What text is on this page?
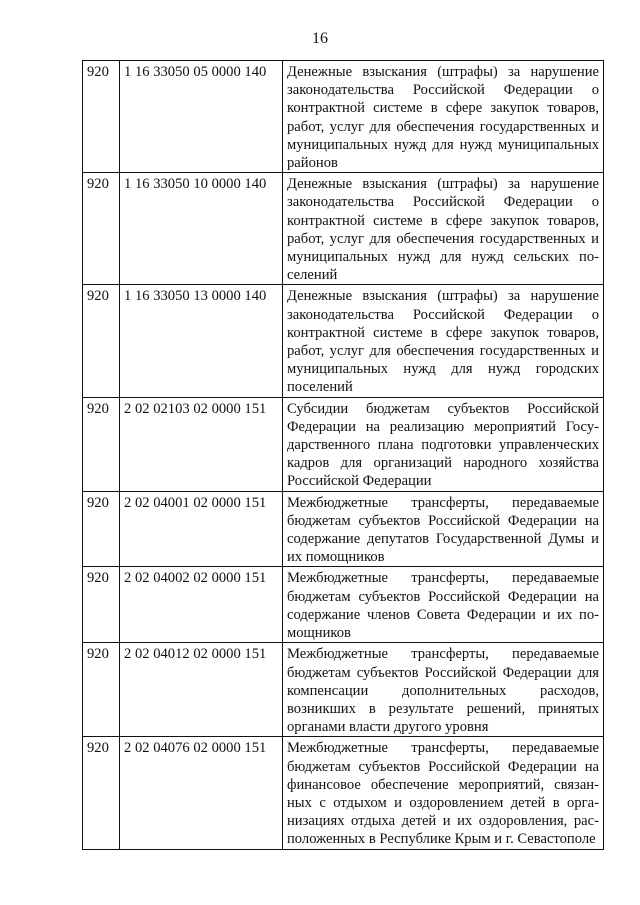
16
920	1 16 33050 05 0000 140	Денежные взыскания (штрафы) за нарушение законодательства Российской Федерации о контрактной системе в сфере закупок товаров, работ, услуг для обеспечения государственных и муниципальных нужд для нужд муниципальных районов
920	1 16 33050 10 0000 140	Денежные взыскания (штрафы) за нарушение законодательства Российской Федерации о контрактной системе в сфере закупок товаров, работ, услуг для обеспечения государственных и муниципальных нужд для нужд сельских поселений
920	1 16 33050 13 0000 140	Денежные взыскания (штрафы) за нарушение законодательства Российской Федерации о контрактной системе в сфере закупок товаров, работ, услуг для обеспечения государственных и муниципальных нужд для нужд городских поселений
920	2 02 02103 02 0000 151	Субсидии бюджетам субъектов Российской Федерации на реализацию мероприятий Государственного плана подготовки управленческих кадров для организаций народного хозяйства Российской Федерации
920	2 02 04001 02 0000 151	Межбюджетные трансферты, передаваемые бюджетам субъектов Российской Федерации на содержание депутатов Государственной Думы и их помощников
920	2 02 04002 02 0000 151	Межбюджетные трансферты, передаваемые бюджетам субъектов Российской Федерации на содержание членов Совета Федерации и их помощников
920	2 02 04012 02 0000 151	Межбюджетные трансферты, передаваемые бюджетам субъектов Российской Федерации для компенсации дополнительных расходов, возникших в результате решений, принятых органами власти другого уровня
920	2 02 04076 02 0000 151	Межбюджетные трансферты, передаваемые бюджетам субъектов Российской Федерации на финансовое обеспечение мероприятий, связанных с отдыхом и оздоровлением детей в организациях отдыха детей и их оздоровления, расположенных в Республике Крым и г. Севастополе
